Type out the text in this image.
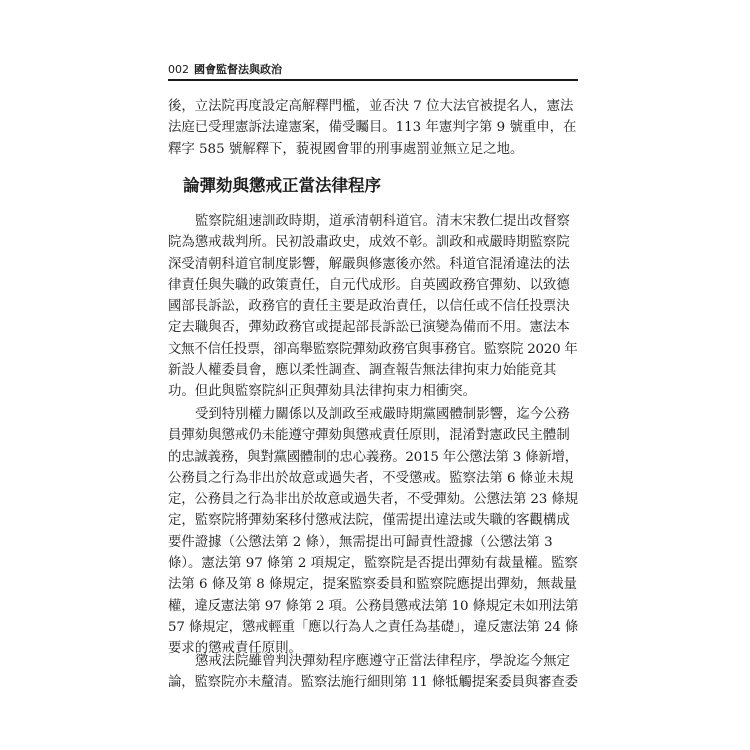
002 國會監督法與政治
後，立法院再度設定高解釋門檻，並否決 7 位大法官被提名人，憲法
法庭已受理憲訴法違憲案，備受矚目。113 年憲判字第 9 號重申，在
釋字 585 號解釋下，藐視國會罪的刑事處罰並無立足之地。
論彈劾與懲戒正當法律程序
監察院組速訓政時期，道承清朝科道官。清末宋教仁提出改督察
院為懲戒裁判所。民初設肅政史，成效不彰。訓政和戒嚴時期監察院
深受清朝科道官制度影響，解嚴與修憲後亦然。科道官混淆違法的法
律責任與失職的政策責任，自元代成形。自英國政務官彈劾、以致德
國部長訴訟，政務官的責任主要是政治責任，以信任或不信任投票決
定去職與否，彈劾政務官或提起部長訴訟已演變為備而不用。憲法本
文無不信任投票，卻高舉監察院彈劾政務官與事務官。監察院 2020 年
新設人權委員會，應以柔性調查、調查報告無法律拘束力始能竟其
功。但此與監察院糾正與彈劾具法律拘束力相衝突。
受到特別權力關係以及訓政至戒嚴時期黨國體制影響，迄今公務
員彈劾與懲戒仍未能遵守彈劾與懲戒責任原則，混淆對憲政民主體制
的忠誠義務，與對黨國體制的忠心義務。2015 年公懲法第 3 條新增，
公務員之行為非出於故意或過失者，不受懲戒。監察法第 6 條並未規
定，公務員之行為非出於故意或過失者，不受彈劾。公懲法第 23 條規
定，監察院將彈劾案移付懲戒法院，僅需提出違法或失職的客觀構成
要件證據（公懲法第 2 條），無需提出可歸責性證據（公懲法第 3
條）。憲法第 97 條第 2 項規定，監察院是否提出彈劾有裁量權。監察
法第 6 條及第 8 條規定，提案監察委員和監察院應提出彈劾，無裁量
權，違反憲法第 97 條第 2 項。公務員懲戒法第 10 條規定未如刑法第
57 條規定，懲戒輕重「應以行為人之責任為基礎」，違反憲法第 24 條
要求的懲戒責任原則。
懲戒法院雖曾判決彈劾程序應遵守正當法律程序，學說迄今無定
論，監察院亦未釐清。監察法施行細則第 11 條牴觸提案委員與審查委
